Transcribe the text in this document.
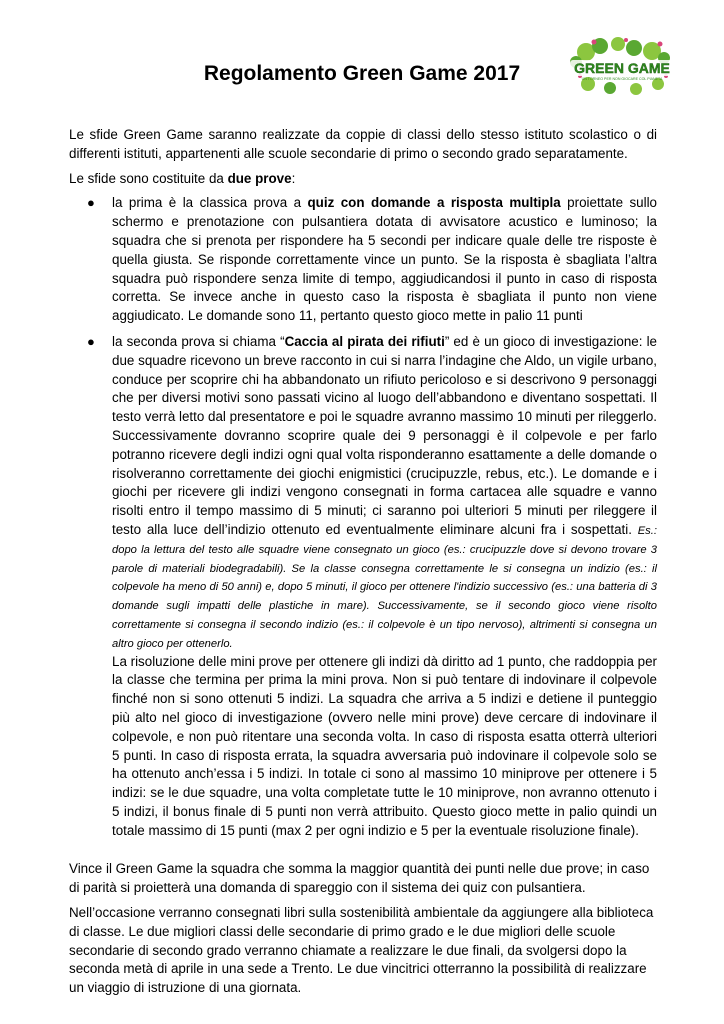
GREEN GAME
UN TORNEO PER NON GIOCARE COL PIANETA
Regolamento Green Game 2017

Le sfide Green Game saranno realizzate da coppie di classi dello stesso istituto scolastico o di differenti istituti, appartenenti alle scuole secondarie di primo o secondo grado separatamente.

Le sfide sono costituite da due prove:

● la prima è la classica prova a quiz con domande a risposta multipla proiettate sullo schermo e prenotazione con pulsantiera dotata di avvisatore acustico e luminoso; la squadra che si prenota per rispondere ha 5 secondi per indicare quale delle tre risposte è quella giusta. Se risponde correttamente vince un punto. Se la risposta è sbagliata l’altra squadra può rispondere senza limite di tempo, aggiudicandosi il punto in caso di risposta corretta. Se invece anche in questo caso la risposta è sbagliata il punto non viene aggiudicato. Le domande sono 11, pertanto questo gioco mette in palio 11 punti
● la seconda prova si chiama “Caccia al pirata dei rifiuti” ed è un gioco di investigazione: le due squadre ricevono un breve racconto in cui si narra l’indagine che Aldo, un vigile urbano, conduce per scoprire chi ha abbandonato un rifiuto pericoloso e si descrivono 9 personaggi che per diversi motivi sono passati vicino al luogo dell’abbandono e diventano sospettati. Il testo verrà letto dal presentatore e poi le squadre avranno massimo 10 minuti per rileggerlo. Successivamente dovranno scoprire quale dei 9 personaggi è il colpevole e per farlo potranno ricevere degli indizi ogni qual volta risponderanno esattamente a delle domande o risolveranno correttamente dei giochi enigmistici (crucipuzzle, rebus, etc.). Le domande e i giochi per ricevere gli indizi vengono consegnati in forma cartacea alle squadre e vanno risolti entro il tempo massimo di 5 minuti; ci saranno poi ulteriori 5 minuti per rileggere il testo alla luce dell’indizio ottenuto ed eventualmente eliminare alcuni fra i sospettati. Es.: dopo la lettura del testo alle squadre viene consegnato un gioco (es.: crucipuzzle dove si devono trovare 3 parole di materiali biodegradabili). Se la classe consegna correttamente le si consegna un indizio (es.: il colpevole ha meno di 50 anni) e, dopo 5 minuti, il gioco per ottenere l'indizio successivo (es.: una batteria di 3 domande sugli impatti delle plastiche in mare). Successivamente, se il secondo gioco viene risolto correttamente si consegna il secondo indizio (es.: il colpevole è un tipo nervoso), altrimenti si consegna un altro gioco per ottenerlo.
La risoluzione delle mini prove per ottenere gli indizi dà diritto ad 1 punto, che raddoppia per la classe che termina per prima la mini prova. Non si può tentare di indovinare il colpevole finché non si sono ottenuti 5 indizi. La squadra che arriva a 5 indizi e detiene il punteggio più alto nel gioco di investigazione (ovvero nelle mini prove) deve cercare di indovinare il colpevole, e non può ritentare una seconda volta. In caso di risposta esatta otterrà ulteriori 5 punti. In caso di risposta errata, la squadra avversaria può indovinare il colpevole solo se ha ottenuto anch’essa i 5 indizi. In totale ci sono al massimo 10 miniprove per ottenere i 5 indizi: se le due squadre, una volta completate tutte le 10 miniprove, non avranno ottenuto i 5 indizi, il bonus finale di 5 punti non verrà attribuito. Questo gioco mette in palio quindi un totale massimo di 15 punti (max 2 per ogni indizio e 5 per la eventuale risoluzione finale).

Vince il Green Game la squadra che somma la maggior quantità dei punti nelle due prove; in caso di parità si proietterà una domanda di spareggio con il sistema dei quiz con pulsantiera.

Nell’occasione verranno consegnati libri sulla sostenibilità ambientale da aggiungere alla biblioteca di classe. Le due migliori classi delle secondarie di primo grado e le due migliori delle scuole secondarie di secondo grado verranno chiamate a realizzare le due finali, da svolgersi dopo la seconda metà di aprile in una sede a Trento. Le due vincitrici otterranno la possibilità di realizzare un viaggio di istruzione di una giornata.
